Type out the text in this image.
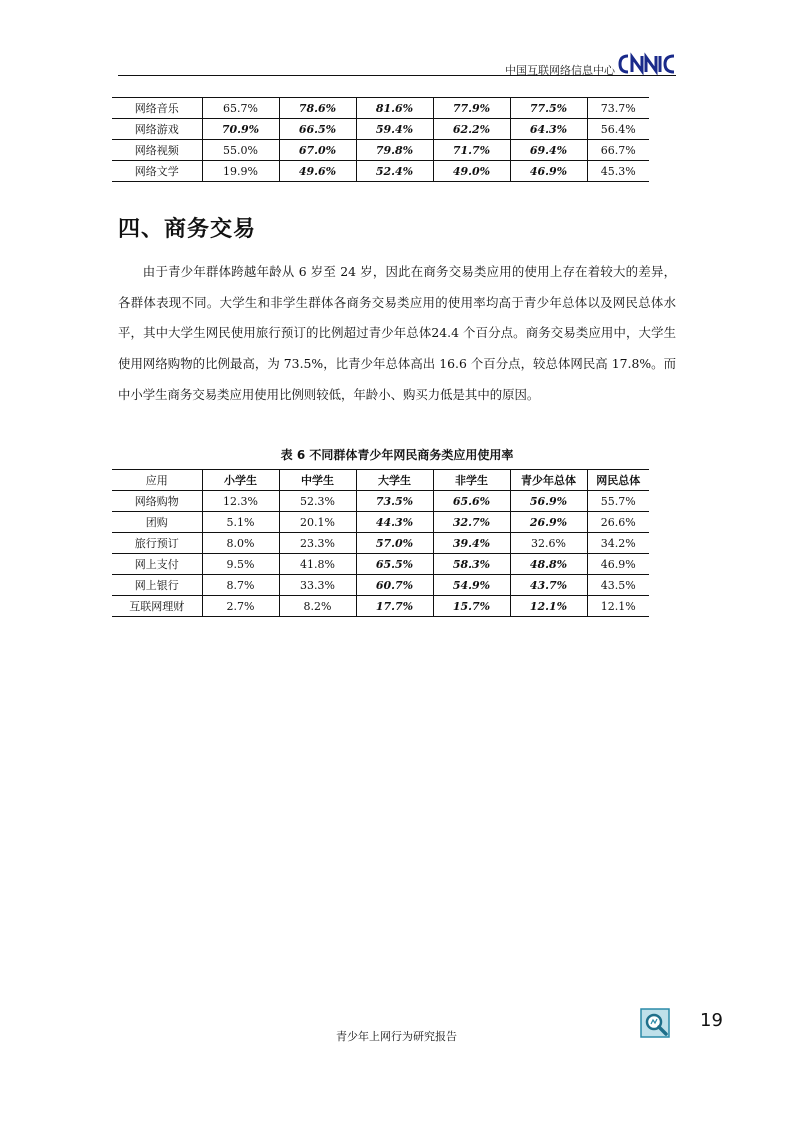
中国互联网络信息中心
网络音乐	65.7%	78.6%	81.6%	77.9%	77.5%	73.7%
网络游戏	70.9%	66.5%	59.4%	62.2%	64.3%	56.4%
网络视频	55.0%	67.0%	79.8%	71.7%	69.4%	66.7%
网络文学	19.9%	49.6%	52.4%	49.0%	46.9%	45.3%
四、商务交易

由于青少年群体跨越年龄从 6 岁至 24 岁，因此在商务交易类应用的使用上存在着较大的差异，各群体表现不同。大学生和非学生群体各商务交易类应用的使用率均高于青少年总体以及网民总体水平，其中大学生网民使用旅行预订的比例超过青少年总体24.4 个百分点。商务交易类应用中，大学生使用网络购物的比例最高，为 73.5%，比青少年总体高出 16.6 个百分点，较总体网民高 17.8%。而中小学生商务交易类应用使用比例则较低，年龄小、购买力低是其中的原因。

表 6 不同群体青少年网民商务类应用使用率
应用	小学生	中学生	大学生	非学生	青少年总体	网民总体
网络购物	12.3%	52.3%	73.5%	65.6%	56.9%	55.7%
团购	5.1%	20.1%	44.3%	32.7%	26.9%	26.6%
旅行预订	8.0%	23.3%	57.0%	39.4%	32.6%	34.2%
网上支付	9.5%	41.8%	65.5%	58.3%	48.8%	46.9%
网上银行	8.7%	33.3%	60.7%	54.9%	43.7%	43.5%
互联网理财	2.7%	8.2%	17.7%	15.7%	12.1%	12.1%
青少年上网行为研究报告
19
